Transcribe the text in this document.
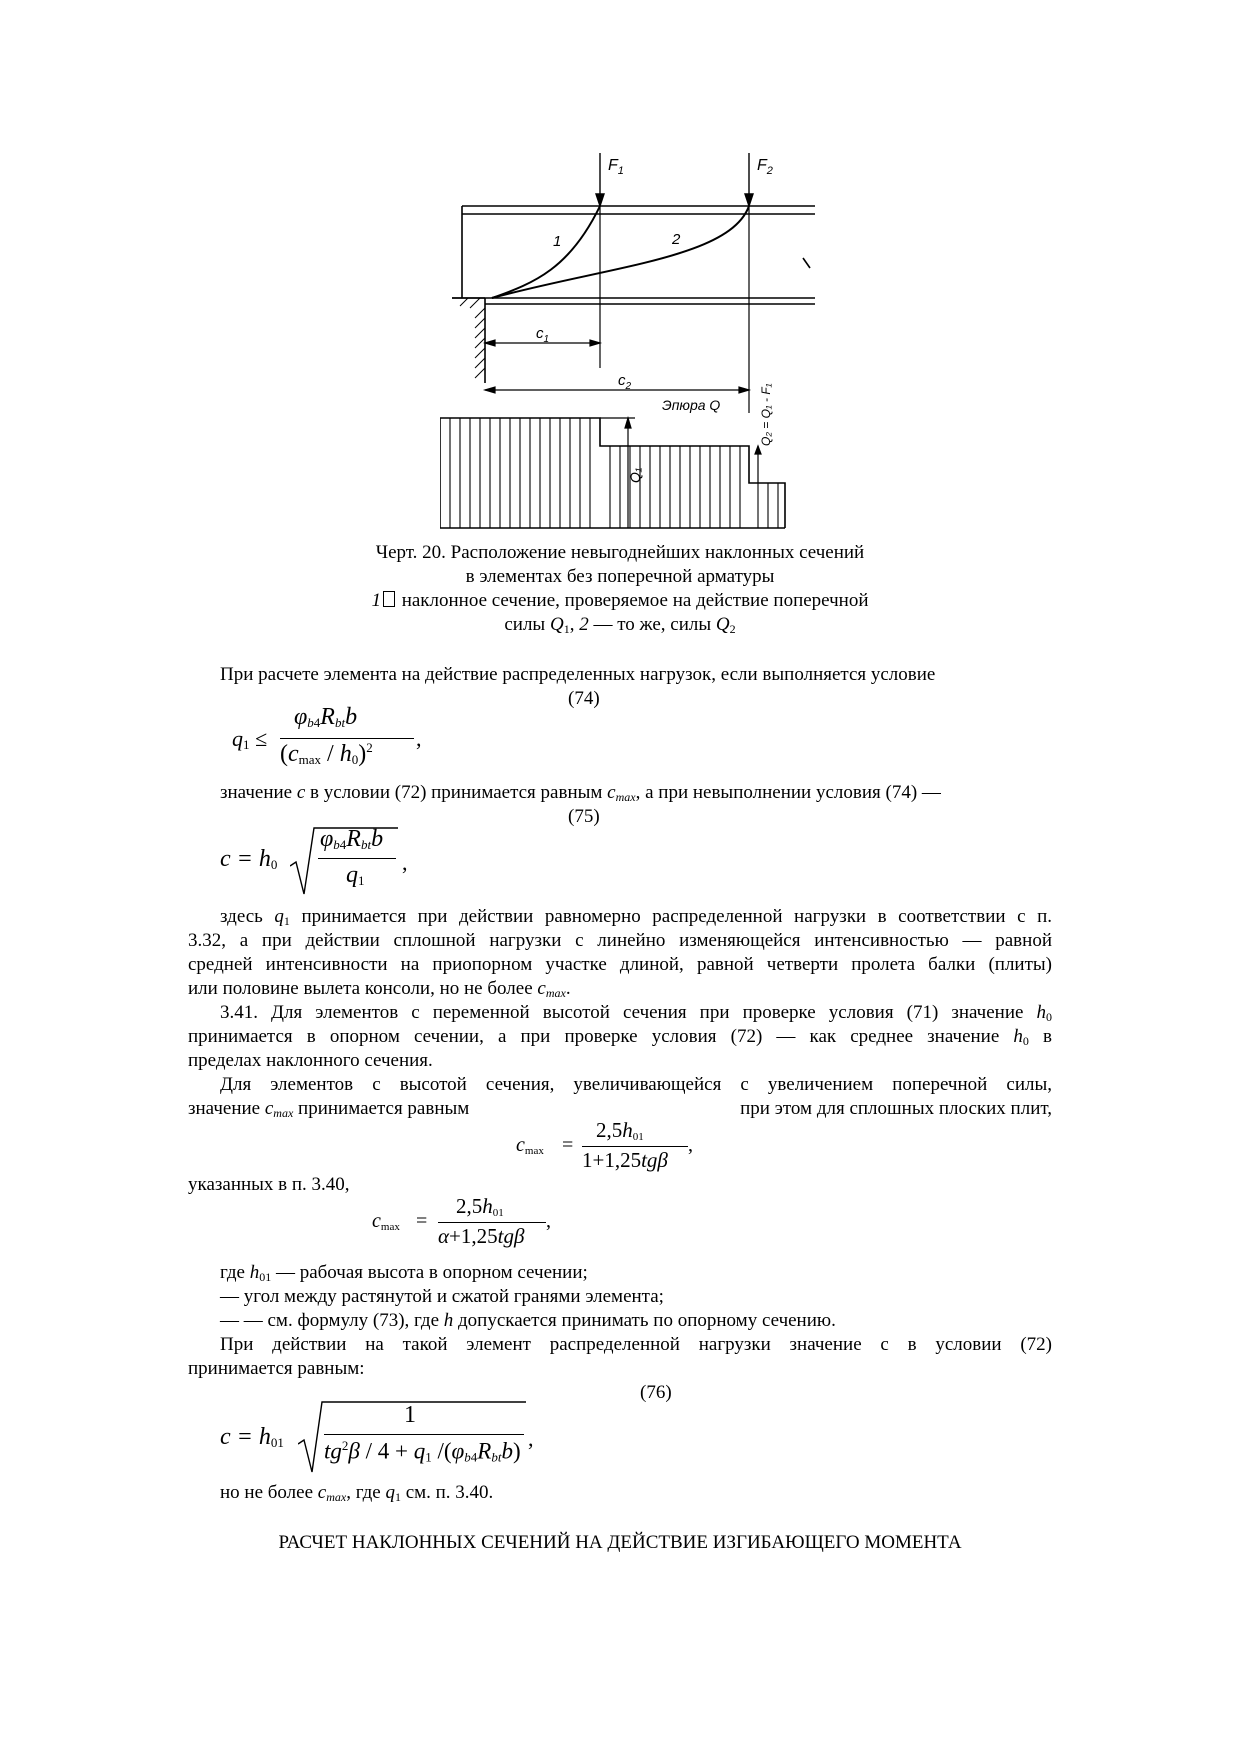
$F_1$	$F_2$
1	2
$c_1$
$c_2$
Эпюра Q
Q₁
Q₂ = Q₁ - F₁
Черт. 20. Расположение невыгоднейших наклонных сечений
в элементах без поперечной арматуры
1 наклонное сечение, проверяемое на действие поперечной
силы $Q_1$, 2 — то же, силы $Q_2$
При расчете элемента на действие распределенных нагрузок, если выполняется условие
(74)
$q_1$ ≤
$\varphi_{b4}R_{bt}b$
$(c_{max} / h_0)^2$ ,
значение c в условии (72) принимается равным $c_{max}$, а при невыполнении условия (74) —
(75)
$c = h_0$
$\varphi_{b4}R_{bt}b$
$q_1$
,
здесь $q_1$ принимается при действии равномерно распределенной нагрузки в соответствии с п.
3.32, а при действии сплошной нагрузки с линейно изменяющейся интенсивностью — равной
средней интенсивности на приопорном участке длиной, равной четверти пролета балки (плиты)
или половине вылета консоли, но не более $c_{max}$.
3.41. Для элементов с переменной высотой сечения при проверке условия (71) значение $h_0$
принимается в опорном сечении, а при проверке условия (72) — как среднее значение $h_0$ в
пределах наклонного сечения.
Для элементов с высотой сечения, увеличивающейся с увеличением поперечной силы,
значение $c_{max}$ принимается равным	при этом для сплошных плоских плит,
$c_{max}$ =
$2,5h_{01}$
1+1,25tgβ
,
указанных в п. 3.40,
$c_{max}$ =
$2,5h_{01}$
α+1,25tgβ
,
где $h_{01}$ — рабочая высота в опорном сечении;
— угол между растянутой и сжатой гранями элемента;
— — см. формулу (73), где h допускается принимать по опорному сечению.
При действии на такой элемент распределенной нагрузки значение с в условии (72)
принимается равным:
(76)
$c = h_{01}$
1
$tg^2\beta / 4 + q_1$ $/(\varphi_{b4}R_{bt}b)$
,
но не более $c_{max}$, где $q_1$ см. п. 3.40.
РАСЧЕТ НАКЛОННЫХ СЕЧЕНИЙ НА ДЕЙСТВИЕ ИЗГИБАЮЩЕГО МОМЕНТА
